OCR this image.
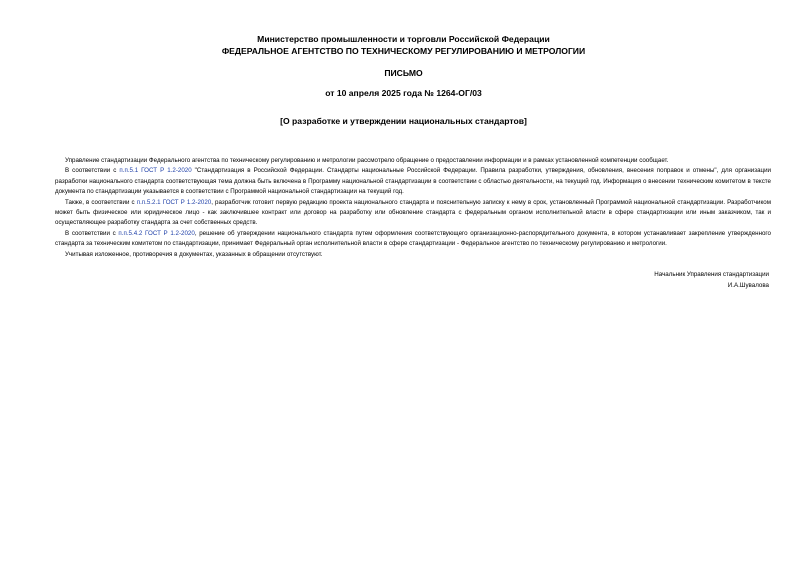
Министерство промышленности и торговли Российской Федерации
ФЕДЕРАЛЬНОЕ АГЕНТСТВО ПО ТЕХНИЧЕСКОМУ РЕГУЛИРОВАНИЮ И МЕТРОЛОГИИ
ПИСЬМО
от 10 апреля 2025 года № 1264-ОГ/03
[О разработке и утверждении национальных стандартов]

Управление стандартизации Федерального агентства по техническому регулированию и метрологии рассмотрело обращение о предоставлении информации и в рамках установленной компетенции сообщает.

В соответствии с п.п.5.1 ГОСТ Р 1.2-2020 "Стандартизация в Российской Федерации. Стандарты национальные Российской Федерации. Правила разработки, утверждения, обновления, внесения поправок и отмены", для организации разработки национального стандарта соответствующая тема должна быть включена в Программу национальной стандартизации в соответствии с областью деятельности, на текущий год. Информация о внесении техническим комитетом в тексте документа по стандартизации указывается в соответствии с Программой национальной стандартизации на текущий год.

Также, в соответствии с п.п.5.2.1 ГОСТ Р 1.2-2020, разработчик готовит первую редакцию проекта национального стандарта и пояснительную записку к нему в срок, установленный Программой национальной стандартизации. Разработчиком может быть физическое или юридическое лицо - как заключившее контракт или договор на разработку или обновление стандарта с федеральным органом исполнительной власти в сфере стандартизации или иным заказчиком, так и осуществляющее разработку стандарта за счет собственных средств.

В соответствии с п.п.5.4.2 ГОСТ Р 1.2-2020, решение об утверждении национального стандарта путем оформления соответствующего организационно-распорядительного документа, в котором устанавливает закрепление утвержденного стандарта за техническим комитетом по стандартизации, принимает Федеральный орган исполнительной власти в сфере стандартизации - Федеральное агентство по техническому регулированию и метрологии.

Учитывая изложенное, противоречия в документах, указанных в обращении отсутствуют.

Начальник Управления стандартизации
И.А.Шувалова
